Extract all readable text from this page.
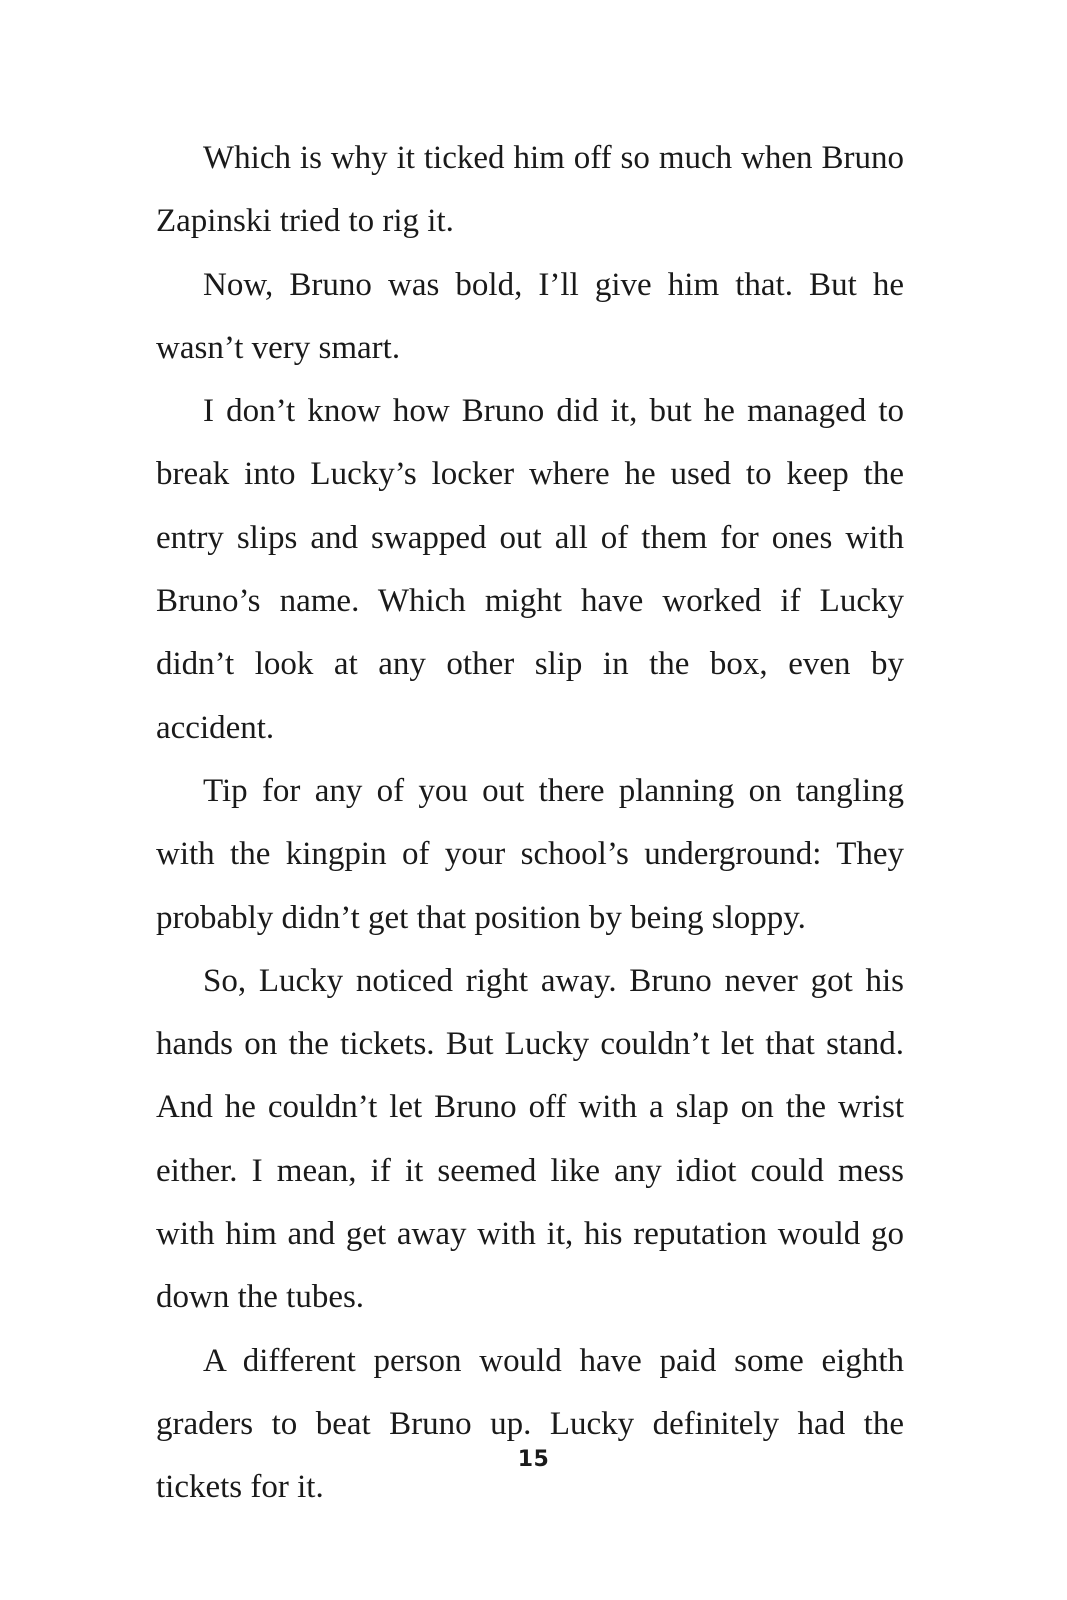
Which is why it ticked him off so much when Bruno Zapinski tried to rig it.

Now, Bruno was bold, I’ll give him that. But he wasn’t very smart.

I don’t know how Bruno did it, but he managed to break into Lucky’s locker where he used to keep the entry slips and swapped out all of them for ones with Bruno’s name. Which might have worked if Lucky didn’t look at any other slip in the box, even by accident.

Tip for any of you out there planning on tangling with the kingpin of your school’s underground: They probably didn’t get that position by being sloppy.

So, Lucky noticed right away. Bruno never got his hands on the tickets. But Lucky couldn’t let that stand. And he couldn’t let Bruno off with a slap on the wrist either. I mean, if it seemed like any idiot could mess with him and get away with it, his reputation would go down the tubes.

A different person would have paid some eighth graders to beat Bruno up. Lucky definitely had the tickets for it.

15
